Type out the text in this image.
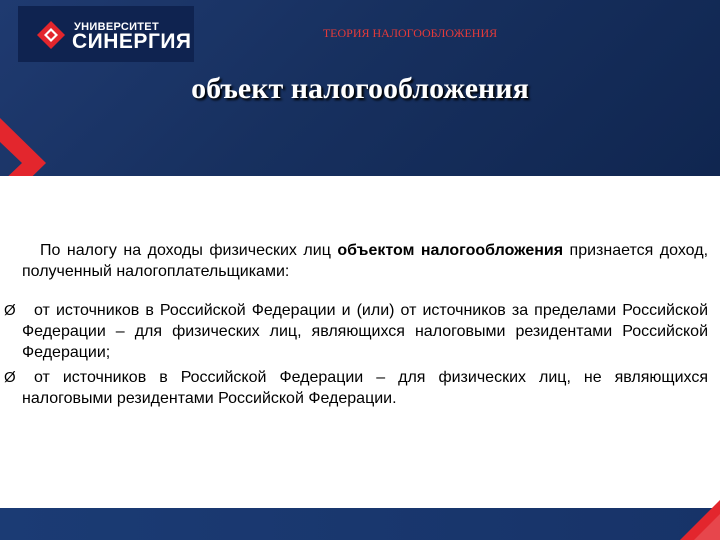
УНИВЕРСИТЕТ
СИНЕРГИЯ	ТЕОРИЯ НАЛОГООБЛОЖЕНИЯ
объект налогообложения

По налогу на доходы физических лиц объектом налогообложения признается доход, полученный налогоплательщиками:

Ø от источников в Российской Федерации и (или) от источников за пределами Российской Федерации – для физических лиц, являющихся налоговыми резидентами Российской Федерации;
Ø от источников в Российской Федерации – для физических лиц, не являющихся налоговыми резидентами Российской Федерации.
